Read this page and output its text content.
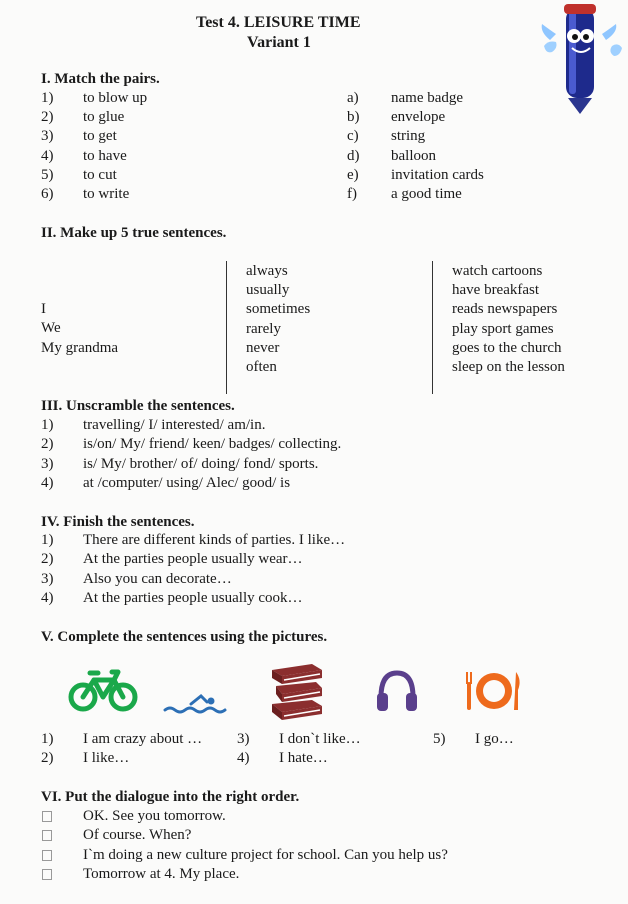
Test 4. LEISURE TIME
Variant 1
I. Match the pairs.
1) to blow up
2) to glue
3) to get
4) to have
5) to cut
6) to write
a) name badge
b) envelope
c) string
d) balloon
e) invitation cards
f) a good time
II. Make up 5 true sentences.
I
We
My grandma
always
usually
sometimes
rarely
never
often
watch cartoons
have breakfast
reads newspapers
play sport games
goes to the church
sleep on the lesson
III. Unscramble the sentences.
1) travelling/ I/ interested/ am/in.
2) is/on/ My/ friend/ keen/ badges/ collecting.
3) is/ My/ brother/ of/ doing/ fond/ sports.
4) at /computer/ using/ Alec/ good/ is
IV. Finish the sentences.
1) There are different kinds of parties. I like…
2) At the parties people usually wear…
3) Also you can decorate…
4) At the parties people usually cook…
V. Complete the sentences using the pictures.
1) I am crazy about …
2) I like…
3) I don`t like…
4) I hate…
5) I go…
VI. Put the dialogue into the right order.
OK. See you tomorrow.
Of course. When?
I`m doing a new culture project for school. Can you help us?
Tomorrow at 4. My place.
